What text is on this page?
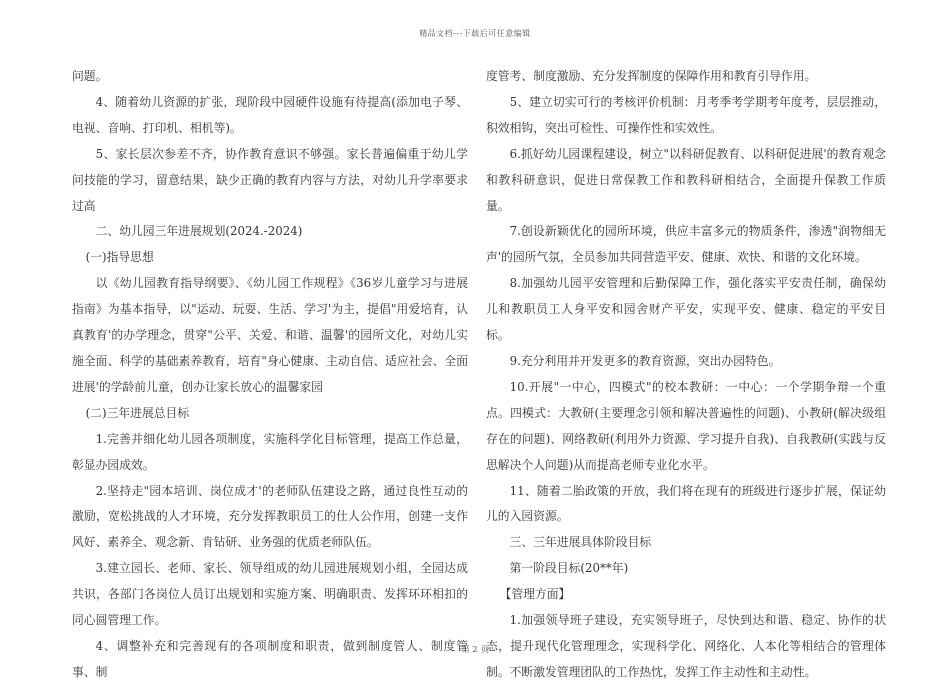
精品文档---下载后可任意编辑

问题。

4、随着幼儿资源的扩张，现阶段中园硬件设施有待提高(添加电子琴、电视、音响、打印机、相机等)。

5、家长层次参差不齐，协作教育意识不够强。家长普遍偏重于幼儿学问技能的学习，留意结果，缺少正确的教育内容与方法，对幼儿升学率要求过高

二、幼儿园三年进展规划(2024.-2024)

(一)指导思想

以《幼儿园教育指导纲要》、《幼儿园工作规程》《36岁儿童学习与进展指南》为基本指导，以"运动、玩耍、生活、学习'为主，提倡"用爱培育，认真教育'的办学理念，贯穿"公平、关爱、和谐、温馨'的园所文化，对幼儿实施全面、科学的基础素养教育，培育"身心健康、主动自信、适应社会、全面进展'的学龄前儿童，创办让家长放心的温馨家园

(二)三年进展总目标

1.完善并细化幼儿园各项制度，实施科学化目标管理，提高工作总量，彰显办园成效。

2.坚持走"园本培训、岗位成才'的老师队伍建设之路，通过良性互动的激励，宽松挑战的人才环境，充分发挥教职员工的仕人公作用，创建一支作风好、素养全、观念新、肯钻研、业务强的优质老师队伍。

3.建立园长、老师、家长、领导组成的幼儿园进展规划小组，全园达成共识，各部门各岗位人员订出规划和实施方案、明确职责、发挥环环相扣的同心圆管理工作。

4、调整补充和完善现有的各项制度和职责，做到制度管人、制度管事、制

度管考、制度激励、充分发挥制度的保障作用和教育引导作用。

5、建立切实可行的考核评价机制：月考季考学期考年度考，层层推动，积效相钩，突出可检性、可操作性和实效性。

6.抓好幼儿园课程建设，树立"以科研促教育、以科研促进展'的教育观念和教科研意识，促进日常保教工作和教科研相结合，全面提升保教工作质量。

7.创设新颖优化的园所环境，供应丰富多元的物质条件，渗透"润物细无声'的园所气氛，全员参加共同营造平安、健康、欢快、和谐的文化环境。

8.加强幼儿园平安管理和后勤保障工作，强化落实平安责任制，确保幼儿和教职员工人身平安和园舍财产平安，实现平安、健康、稳定的平安目标。

9.充分利用并开发更多的教育资源，突出办园特色。

10.开展"一中心，四模式"的校本教研：一中心：一个学期争辩一个重点。四模式：大教研(主要理念引领和解决普遍性的问题)、小教研(解决级组存在的问题)、网络教研(利用外力资源、学习提升自我)、自我教研(实践与反思解决个人问题)从而提高老师专业化水平。

11、随着二胎政策的开放，我们将在现有的班级进行逐步扩展，保证幼儿的入园资源。

三、三年进展具体阶段目标

第一阶段目标(20**年)

【管理方面】

1.加强领导班子建设，充实领导班子，尽快到达和谐、稳定、协作的状态，提升现代化管理理念，实现科学化、网络化、人本化等相结合的管理体制。不断激发管理团队的工作热忱，发挥工作主动性和主动性。

第 2 页
